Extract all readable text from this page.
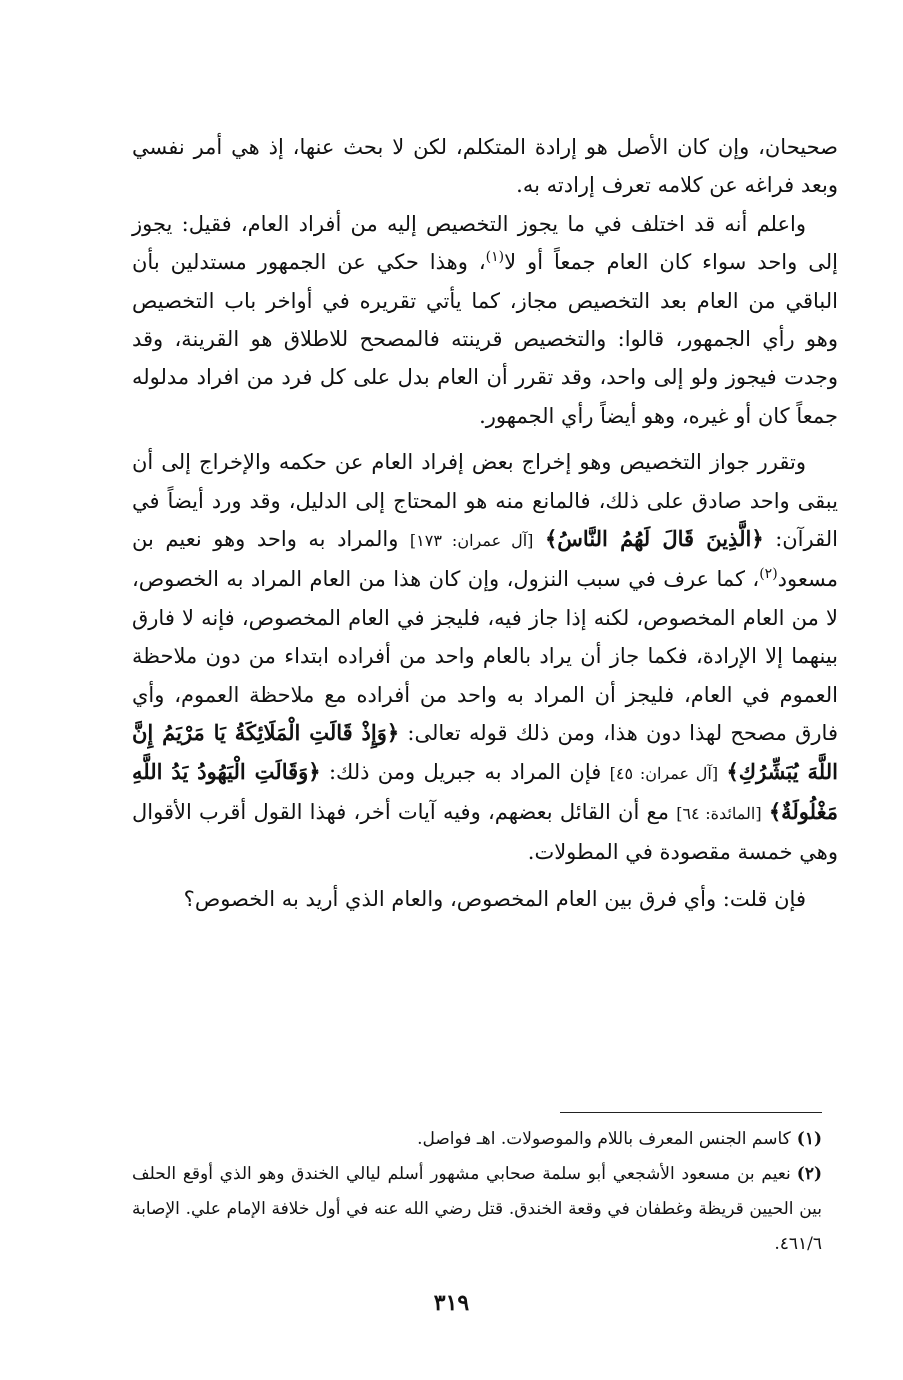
صحيحان، وإن كان الأصل هو إرادة المتكلم، لكن لا بحث عنها، إذ هي أمر نفسي وبعد فراغه عن كلامه تعرف إرادته به.

واعلم أنه قد اختلف في ما يجوز التخصيص إليه من أفراد العام، فقيل: يجوز إلى واحد سواء كان العام جمعاً أو لا$^{(١)}$، وهذا حكي عن الجمهور مستدلين بأن الباقي من العام بعد التخصيص مجاز، كما يأتي تقريره في أواخر باب التخصيص وهو رأي الجمهور، قالوا: والتخصيص قرينته فالمصحح للاطلاق هو القرينة، وقد وجدت فيجوز ولو إلى واحد، وقد تقرر أن العام بدل على كل فرد من افراد مدلوله جمعاً كان أو غيره، وهو أيضاً رأي الجمهور.

وتقرر جواز التخصيص وهو إخراج بعض إفراد العام عن حكمه والإخراج إلى أن يبقى واحد صادق على ذلك، فالمانع منه هو المحتاج إلى الدليل، وقد ورد أيضاً في القرآن: ﴿الَّذِينَ قَالَ لَهُمُ النَّاسُ﴾ [آل عمران: ١٧٣] والمراد به واحد وهو نعيم بن مسعود$^{(٢)}$، كما عرف في سبب النزول، وإن كان هذا من العام المراد به الخصوص، لا من العام المخصوص، لكنه إذا جاز فيه، فليجز في العام المخصوص، فإنه لا فارق بينهما إلا الإرادة، فكما جاز أن يراد بالعام واحد من أفراده ابتداء من دون ملاحظة العموم في العام، فليجز أن المراد به واحد من أفراده مع ملاحظة العموم، وأي فارق مصحح لهذا دون هذا، ومن ذلك قوله تعالى: ﴿وَإِذْ قَالَتِ الْمَلَائِكَةُ يَا مَرْيَمُ إِنَّ اللَّهَ يُبَشِّرُكِ﴾ [آل عمران: ٤٥] فإن المراد به جبريل ومن ذلك: ﴿وَقَالَتِ الْيَهُودُ يَدُ اللَّهِ مَغْلُولَةٌ﴾ [المائدة: ٦٤] مع أن القائل بعضهم، وفيه آيات أخر، فهذا القول أقرب الأقوال وهي خمسة مقصودة في المطولات.

فإن قلت: وأي فرق بين العام المخصوص، والعام الذي أريد به الخصوص؟

(١)كاسم الجنس المعرف باللام والموصولات. اهـ فواصل.

(٢)نعيم بن مسعود الأشجعي أبو سلمة صحابي مشهور أسلم ليالي الخندق وهو الذي أوقع الحلف بين الحيين قريظة وغطفان في وقعة الخندق. قتل رضي الله عنه في أول خلافة الإمام علي. الإصابة ٤٦١/٦.

٣١٩
